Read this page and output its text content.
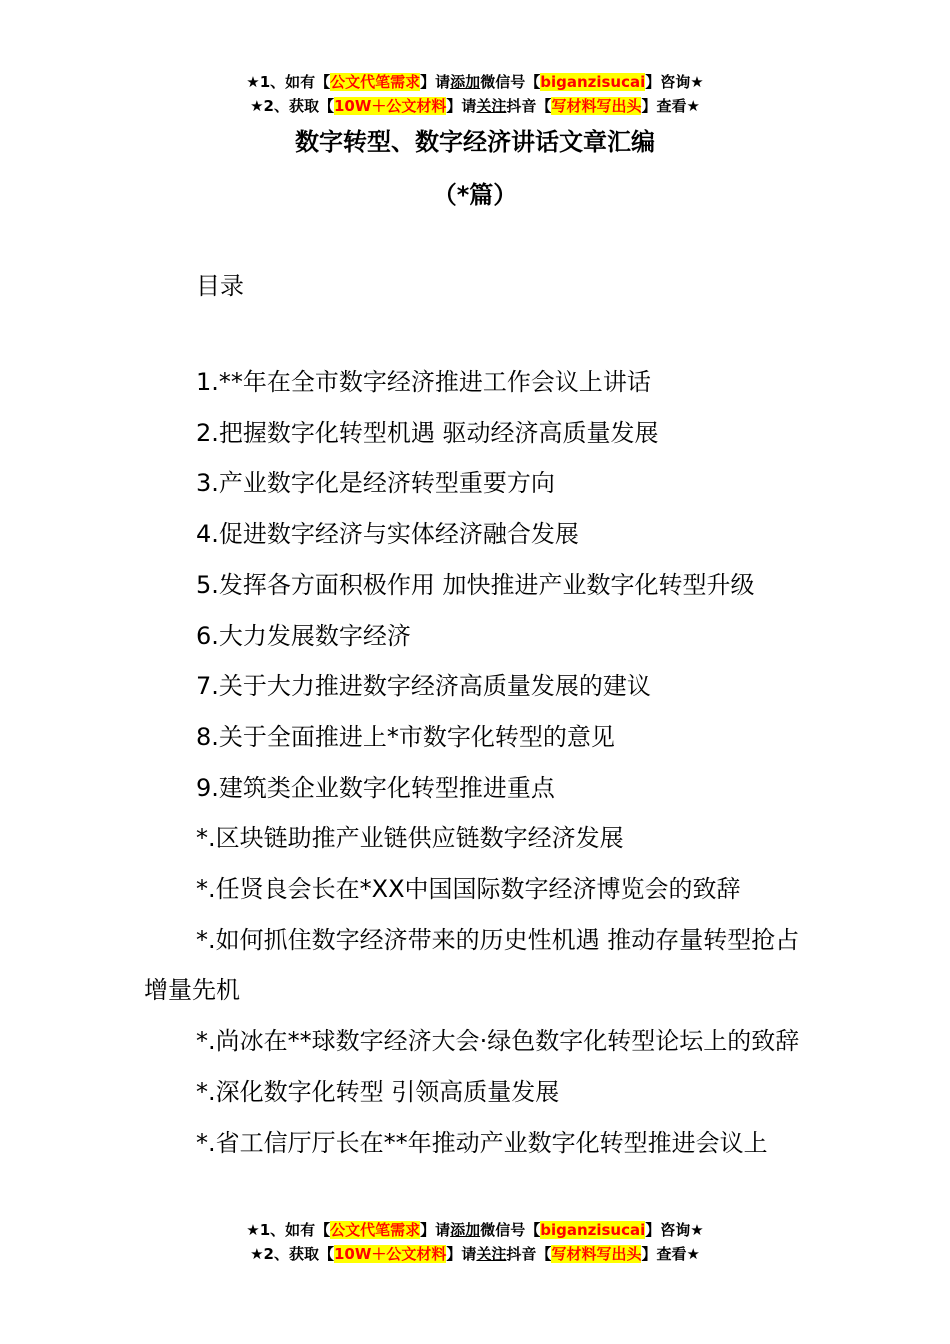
★1、如有【公文代笔需求】请添加微信号【biganzisucai】咨询★
★2、获取【10W＋公文材料】请关注抖音【写材料写出头】查看★
数字转型、数字经济讲话文章汇编
（*篇）
目录
1.**年在全市数字经济推进工作会议上讲话
2.把握数字化转型机遇 驱动经济高质量发展
3.产业数字化是经济转型重要方向
4.促进数字经济与实体经济融合发展
5.发挥各方面积极作用 加快推进产业数字化转型升级
6.大力发展数字经济
7.关于大力推进数字经济高质量发展的建议
8.关于全面推进上*市数字化转型的意见
9.建筑类企业数字化转型推进重点
*.区块链助推产业链供应链数字经济发展
*.任贤良会长在*XX中国国际数字经济博览会的致辞
*.如何抓住数字经济带来的历史性机遇 推动存量转型抢占增量先机
*.尚冰在**球数字经济大会·绿色数字化转型论坛上的致辞
*.深化数字化转型 引领高质量发展
*.省工信厅厅长在**年推动产业数字化转型推进会议上
★1、如有【公文代笔需求】请添加微信号【biganzisucai】咨询★
★2、获取【10W＋公文材料】请关注抖音【写材料写出头】查看★
